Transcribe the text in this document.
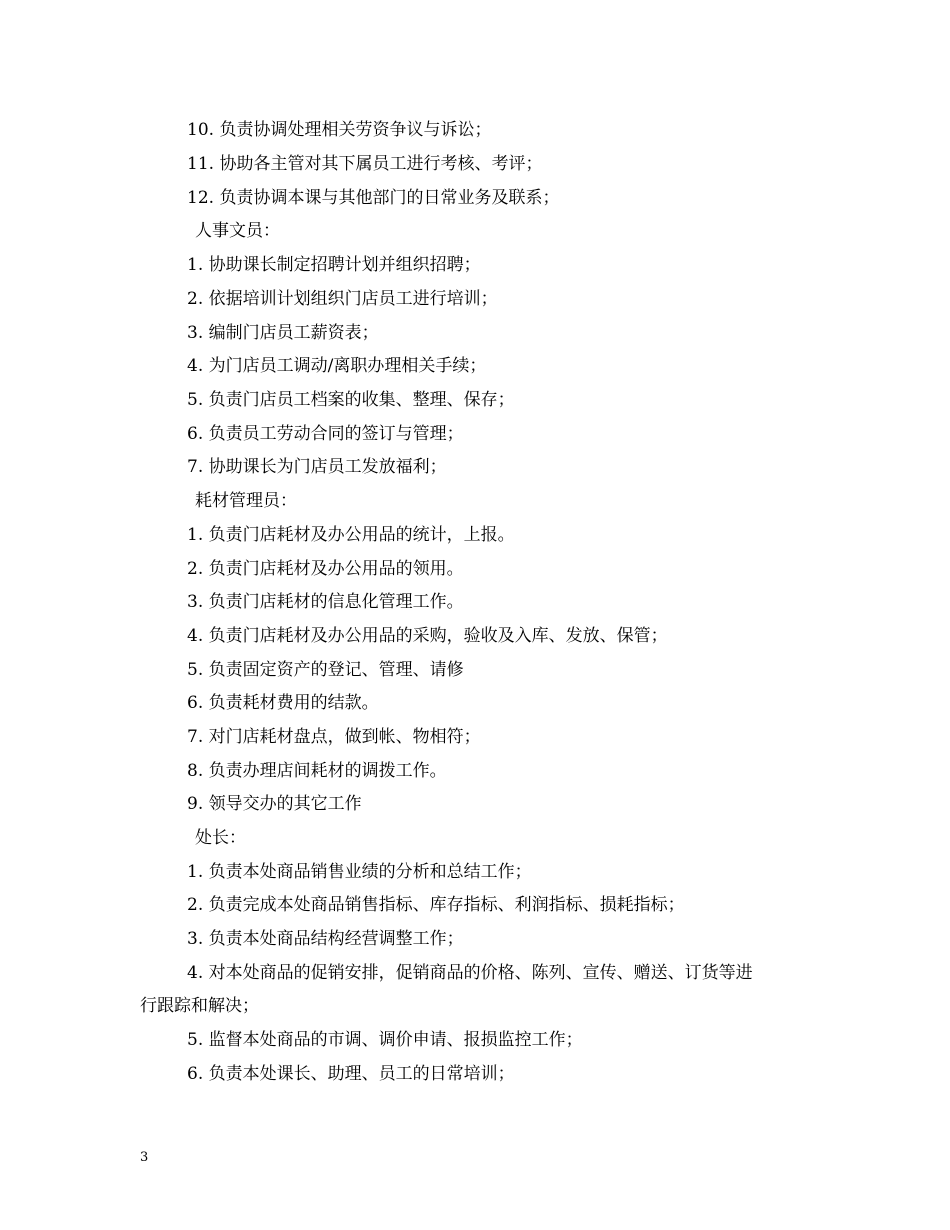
10. 负责协调处理相关劳资争议与诉讼；
11. 协助各主管对其下属员工进行考核、考评；
12. 负责协调本课与其他部门的日常业务及联系；
人事文员：
1. 协助课长制定招聘计划并组织招聘；
2. 依据培训计划组织门店员工进行培训；
3. 编制门店员工薪资表；
4. 为门店员工调动/离职办理相关手续；
5. 负责门店员工档案的收集、整理、保存；
6. 负责员工劳动合同的签订与管理；
7. 协助课长为门店员工发放福利；
耗材管理员：
1. 负责门店耗材及办公用品的统计，上报。
2. 负责门店耗材及办公用品的领用。
3. 负责门店耗材的信息化管理工作。
4. 负责门店耗材及办公用品的采购，验收及入库、发放、保管；
5. 负责固定资产的登记、管理、请修
6. 负责耗材费用的结款。
7. 对门店耗材盘点，做到帐、物相符；
8. 负责办理店间耗材的调拨工作。
9. 领导交办的其它工作
处长：
1. 负责本处商品销售业绩的分析和总结工作；
2. 负责完成本处商品销售指标、库存指标、利润指标、损耗指标；
3. 负责本处商品结构经营调整工作；
4. 对本处商品的促销安排，促销商品的价格、陈列、宣传、赠送、订货等进
行跟踪和解决；
5. 监督本处商品的市调、调价申请、报损监控工作；
6. 负责本处课长、助理、员工的日常培训；
3
